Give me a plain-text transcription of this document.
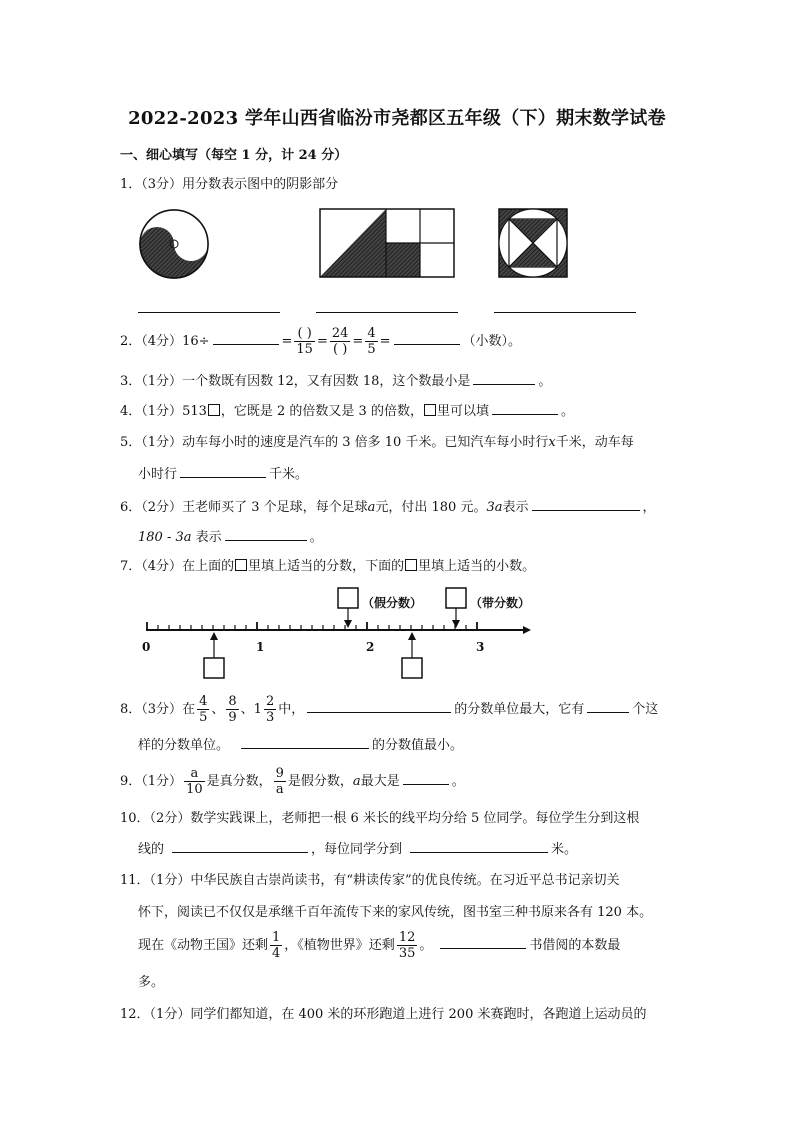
2022-2023 学年山西省临汾市尧都区五年级（下）期末数学试卷
一、细心填写（每空 1 分，计 24 分）
1．（3分）用分数表示图中的阴影部分
2．（4分）16÷	= $\frac{( )}{15} = \frac{24}{( )} = \frac{4}{5}$ =	（小数）。
3．（1分）一个数既有因数 12，又有因数 18，这个数最小是	。
4．（1分）513 ，它既是 2 的倍数又是 3 的倍数， 里可以填	。
5．（1分）动车每小时的速度是汽车的 3 倍多 10 千米。已知汽车每小时行x千米，动车每
小时行	千米。
6．（2分）王老师买了 3 个足球，每个足球a元，付出 180 元。3a表示	，
180 - 3a 表示	。
7．（4分）在上面的 里填上适当的分数，下面的 里填上适当的小数。
（假分数）	（带分数）
0	1	2	3
8．（3分）在 $\frac{4}{5}$ 、 $\frac{8}{9}$ 、$1 \frac{2}{3}$ 中，	的分数单位最大，它有	个这
样的分数单位。	的分数值最小。
9．（1分） $\frac{a}{10}$ 是真分数， $\frac{9}{a}$ 是假分数，a最大是	。
10．（2分）数学实践课上，老师把一根 6 米长的线平均分给 5 位同学。每位学生分到这根
线的	，每位同学分到	米。
11．（1分）中华民族自古崇尚读书，有“耕读传家”的优良传统。在习近平总书记亲切关
怀下，阅读已不仅仅是承继千百年流传下来的家风传统，图书室三种书原来各有 120 本。
现在《动物王国》还剩 $\frac{1}{4}$ ，《植物世界》还剩 $\frac{12}{35}$ 。	书借阅的本数最
多。
12．（1分）同学们都知道，在 400 米的环形跑道上进行 200 米赛跑时，各跑道上运动员的
